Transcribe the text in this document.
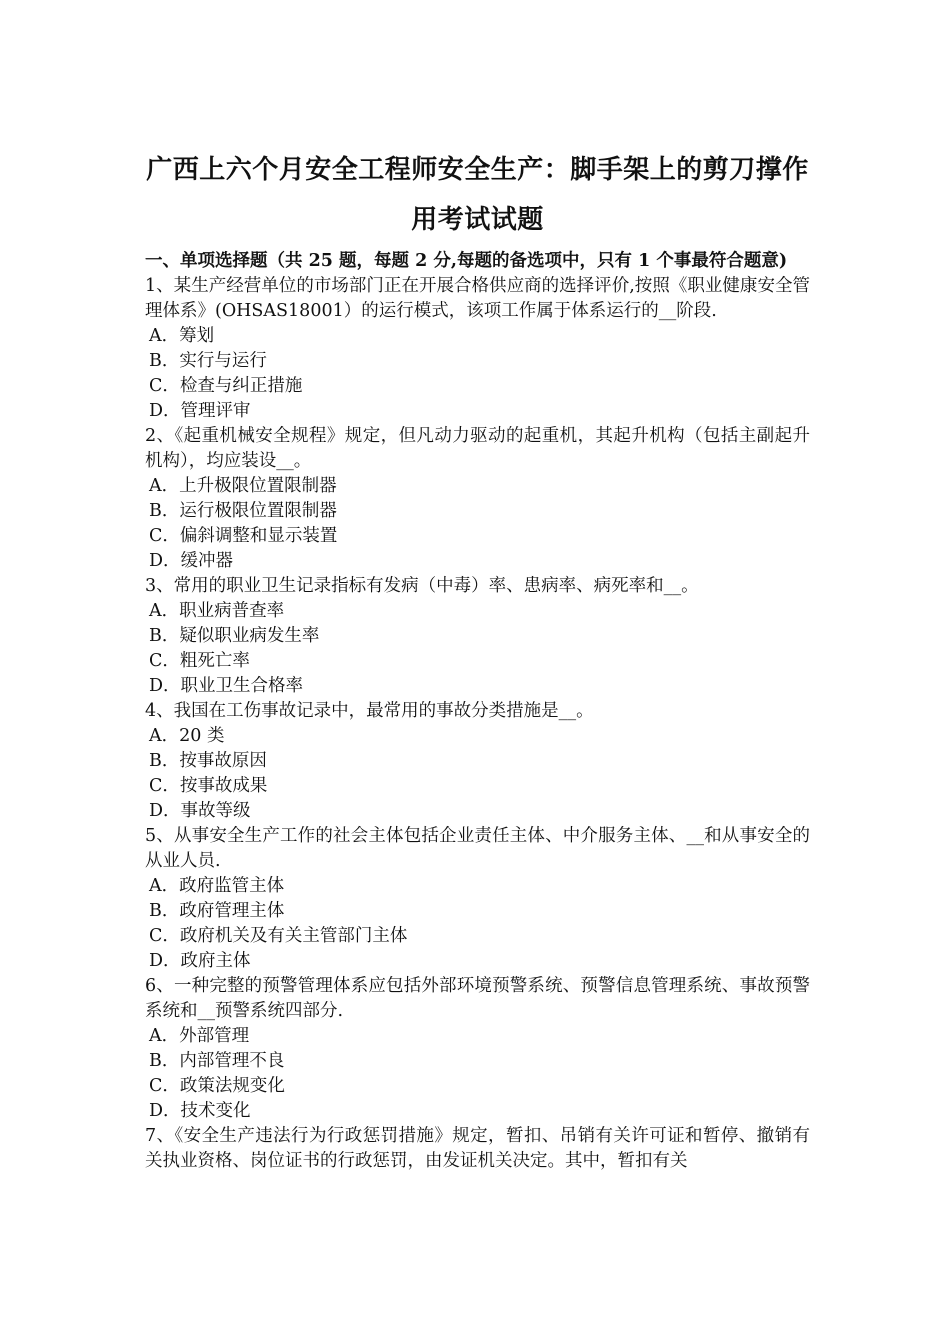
广西上六个月安全工程师安全生产：脚手架上的剪刀撑作用考试试题

一、单项选择题（共 25 题，每题 2 分,每题的备选项中，只有 1 个事最符合题意)

1、某生产经营单位的市场部门正在开展合格供应商的选择评价,按照《职业健康安全管理体系》(OHSAS18001）的运行模式，该项工作属于体系运行的__阶段.

A．筹划

B．实行与运行

C．检查与纠正措施

D．管理评审

2、《起重机械安全规程》规定，但凡动力驱动的起重机，其起升机构（包括主副起升机构），均应装设__。

A．上升极限位置限制器

B．运行极限位置限制器

C．偏斜调整和显示装置

D．缓冲器

3、常用的职业卫生记录指标有发病（中毒）率、患病率、病死率和__。

A．职业病普查率

B．疑似职业病发生率

C．粗死亡率

D．职业卫生合格率

4、我国在工伤事故记录中，最常用的事故分类措施是__。

A．20 类

B．按事故原因

C．按事故成果

D．事故等级

5、从事安全生产工作的社会主体包括企业责任主体、中介服务主体、__和从事安全的从业人员.

A．政府监管主体

B．政府管理主体

C．政府机关及有关主管部门主体

D．政府主体

6、一种完整的预警管理体系应包括外部环境预警系统、预警信息管理系统、事故预警系统和__预警系统四部分.

A．外部管理

B．内部管理不良

C．政策法规变化

D．技术变化

7、《安全生产违法行为行政惩罚措施》规定，暂扣、吊销有关许可证和暂停、撤销有关执业资格、岗位证书的行政惩罚，由发证机关决定。其中，暂扣有关
